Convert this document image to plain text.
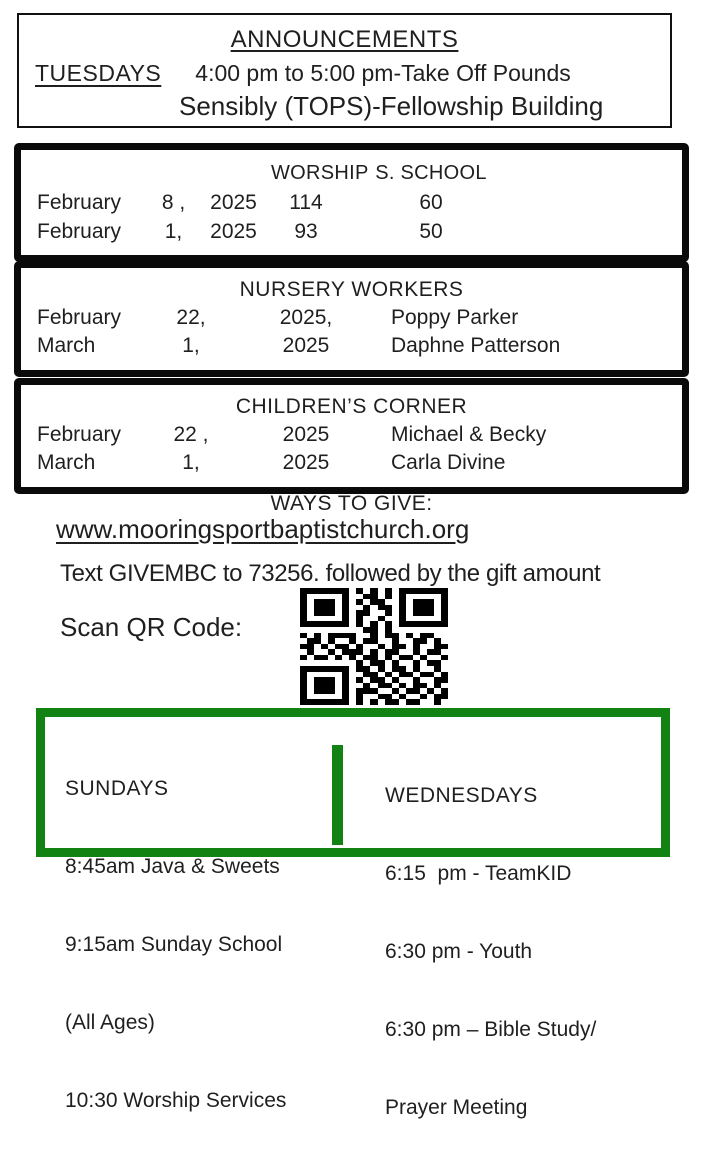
ANNOUNCEMENTS
TUESDAYS 4:00 pm to 5:00 pm-Take Off Pounds
Sensibly (TOPS)-Fellowship Building
WORSHIP S. SCHOOL
February	8 ,	2025	114	60
February	1,	2025	93	50
NURSERY WORKERS
February	22,	2025,	Poppy Parker
March	1,	2025	Daphne Patterson
CHILDREN’S CORNER
February	22 ,	2025	Michael & Becky
March	1,	2025	Carla Divine
WAYS TO GIVE:
www.mooringsportbaptistchurch.org
Text GIVEMBC to 73256. followed by the gift amount
Scan QR Code:

SUNDAYS

8:45am Java & Sweets

9:15am Sunday School

(All Ages)

10:30 Worship Services

WEDNESDAYS

6:15  pm - TeamKID

6:30 pm - Youth

6:30 pm – Bible Study/

Prayer Meeting
